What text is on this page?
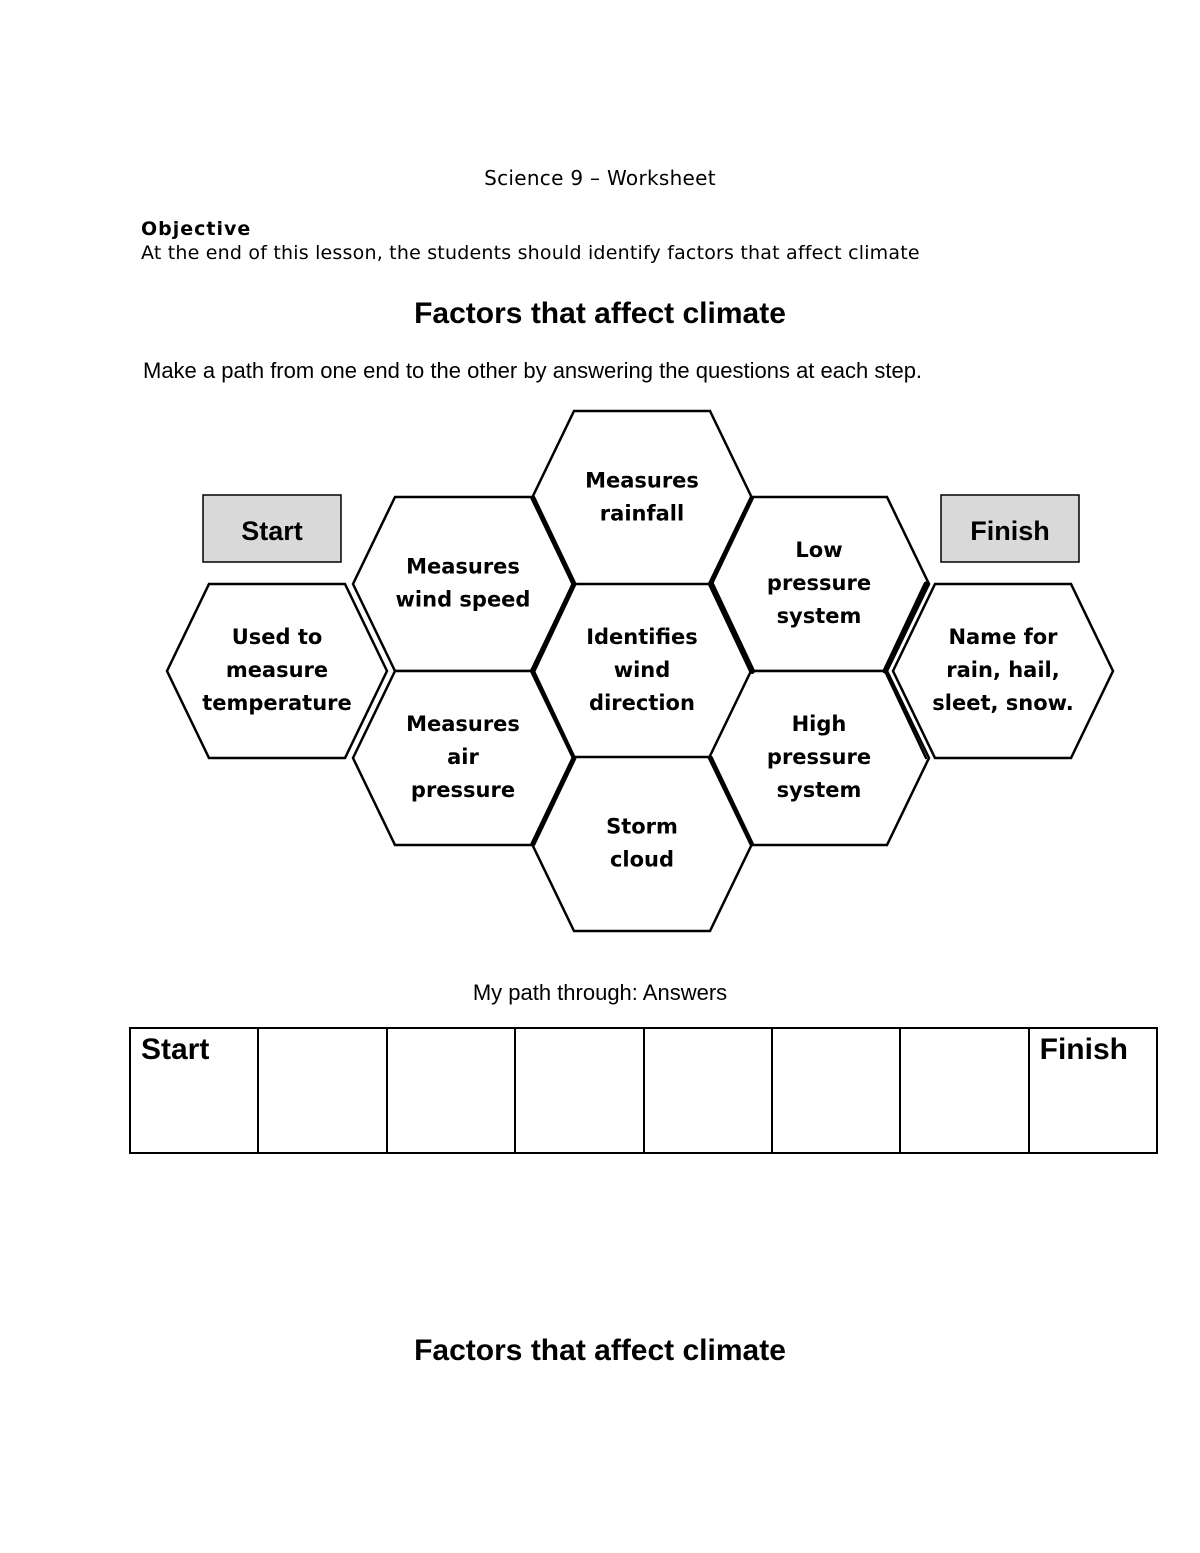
Science 9 – Worksheet
Objective
At the end of this lesson, the students should identify factors that affect climate
Factors that affect climate
Make a path from one end to the other by answering the questions at each step.
Start	Finish
Used to
measure
temperature
Measures
wind speed
Measures
air
pressure
Measures
rainfall
Identifies
wind
direction
Storm
cloud
Low
pressure
system
High
pressure
system
Name for
rain, hail,
sleet, snow.
My path through: Answers
Start							Finish
Factors that affect climate
